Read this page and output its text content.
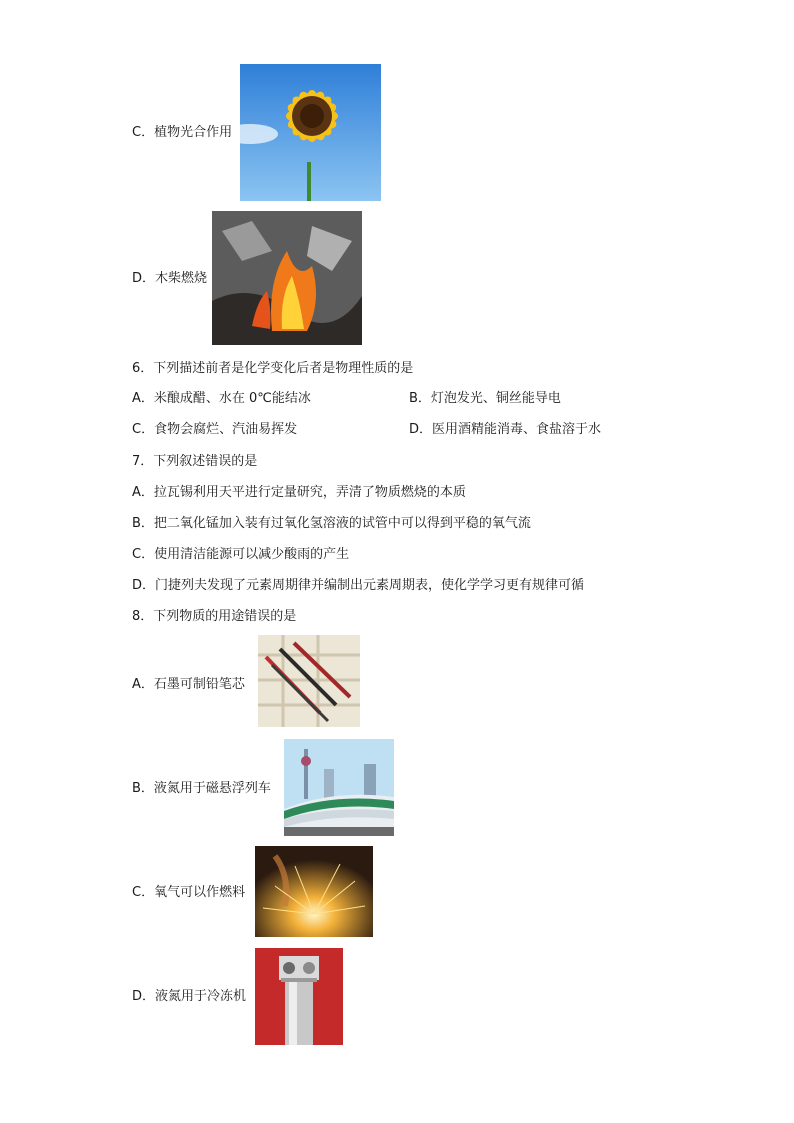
C．植物光合作用
D．木柴燃烧
6．下列描述前者是化学变化后者是物理性质的是
A．米酿成醋、水在 0℃能结冰	B．灯泡发光、铜丝能导电
C．食物会腐烂、汽油易挥发	D．医用酒精能消毒、食盐溶于水
7．下列叙述错误的是
A．拉瓦锡利用天平进行定量研究，弄清了物质燃烧的本质
B．把二氧化锰加入装有过氧化氢溶液的试管中可以得到平稳的氧气流
C．使用清洁能源可以减少酸雨的产生
D．门捷列夫发现了元素周期律并编制出元素周期表，使化学学习更有规律可循
8．下列物质的用途错误的是
A．石墨可制铅笔芯
B．液氮用于磁悬浮列车
C．氧气可以作燃料
D．液氮用于冷冻机
